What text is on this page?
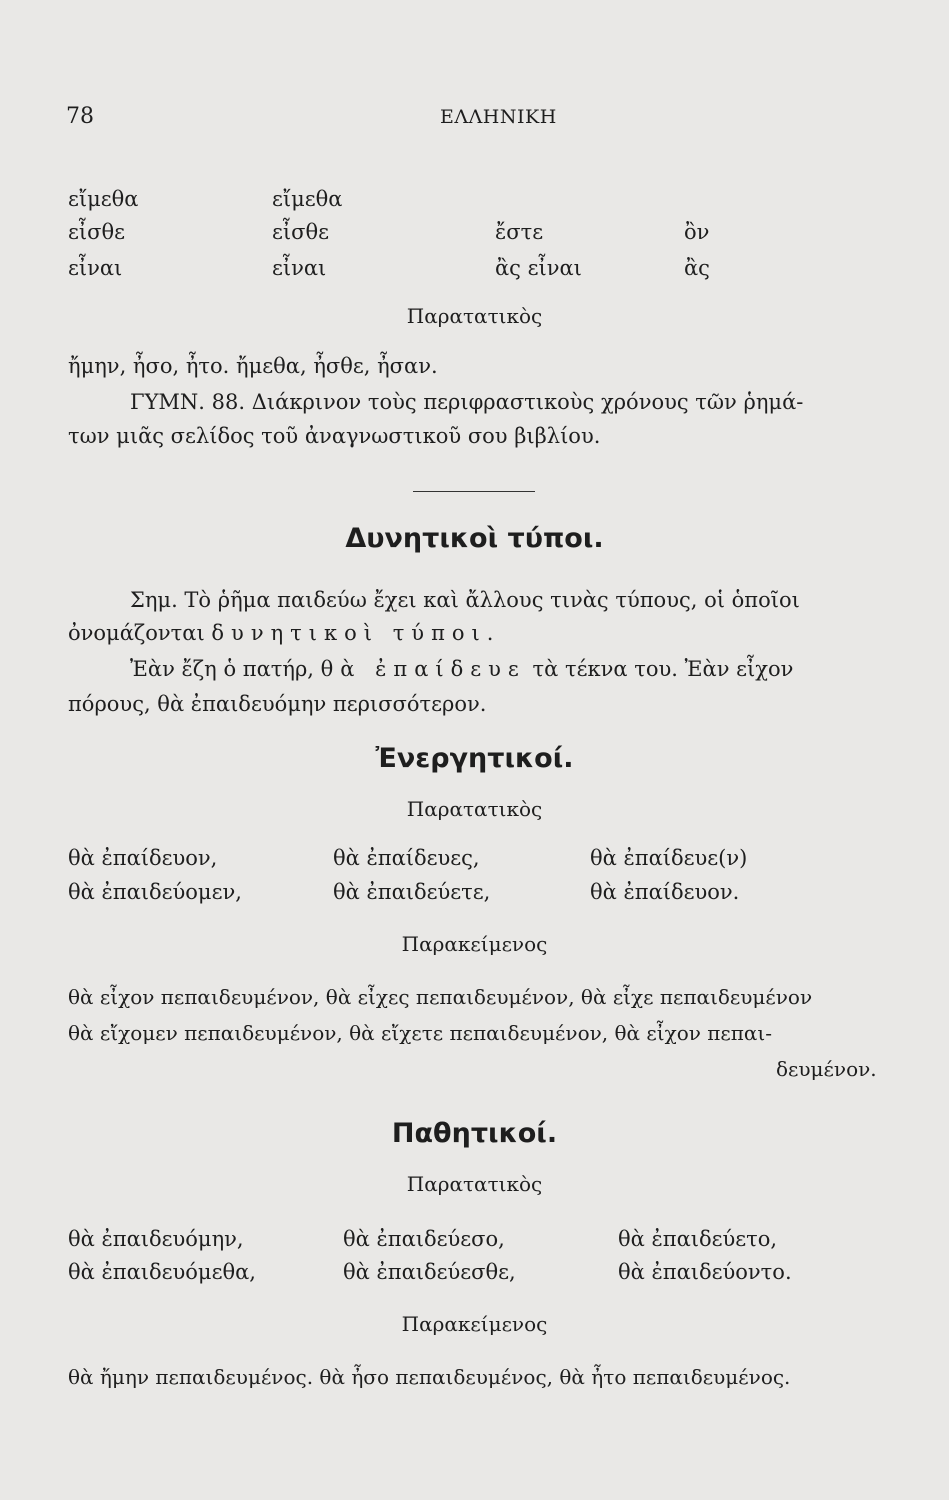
78	ΕΛΛΗΝΙΚΗ
εἴμεθα	εἴμεθα
εἶσθε	εἶσθε	ἔστε	ὂν
εἶναι	εἶναι	ἂς εἶναι	ἂς
Παρατατικὸς
ἤμην, ἦσο, ἦτο. ἤμεθα, ἦσθε, ἦσαν.
ΓΥΜΝ. 88. Διάκρινον τοὺς περιφραστικοὺς χρόνους τῶν ῥημά-
των μιᾶς σελίδος τοῦ ἀναγνωστικοῦ σου βιβλίου.
Δυνητικοὶ τύποι.
Σημ. Τὸ ῥῆμα παιδεύω ἔχει καὶ ἄλλους τινὰς τύπους, οἱ ὁποῖοι
ὀνομάζονται δυνητικοὶ τύποι.
Ἐὰν ἔζη ὁ πατήρ, θὰ ἐπαίδευε τὰ τέκνα του. Ἐὰν εἶχον
πόρους, θὰ ἐπαιδευόμην περισσότερον.
Ἐνεργητικοί.
Παρατατικὸς
θὰ ἐπαίδευον,	θὰ ἐπαίδευες,	θὰ ἐπαίδευε(ν)
θὰ ἐπαιδεύομεν,	θὰ ἐπαιδεύετε,	θὰ ἐπαίδευον.
Παρακείμενος
θὰ εἶχον πεπαιδευμένον, θὰ εἶχες πεπαιδευμένον, θὰ εἶχε πεπαιδευμένον
θὰ εἴχομεν πεπαιδευμένον, θὰ εἴχετε πεπαιδευμένον, θὰ εἶχον πεπαι-
δευμένον.
Παθητικοί.
Παρατατικὸς
θὰ ἐπαιδευόμην,	θὰ ἐπαιδεύεσο,	θὰ ἐπαιδεύετο,
θὰ ἐπαιδευόμεθα,	θὰ ἐπαιδεύεσθε,	θὰ ἐπαιδεύοντο.
Παρακείμενος
θὰ ἤμην πεπαιδευμένος. θὰ ἦσο πεπαιδευμένος, θὰ ἦτο πεπαιδευμένος.
